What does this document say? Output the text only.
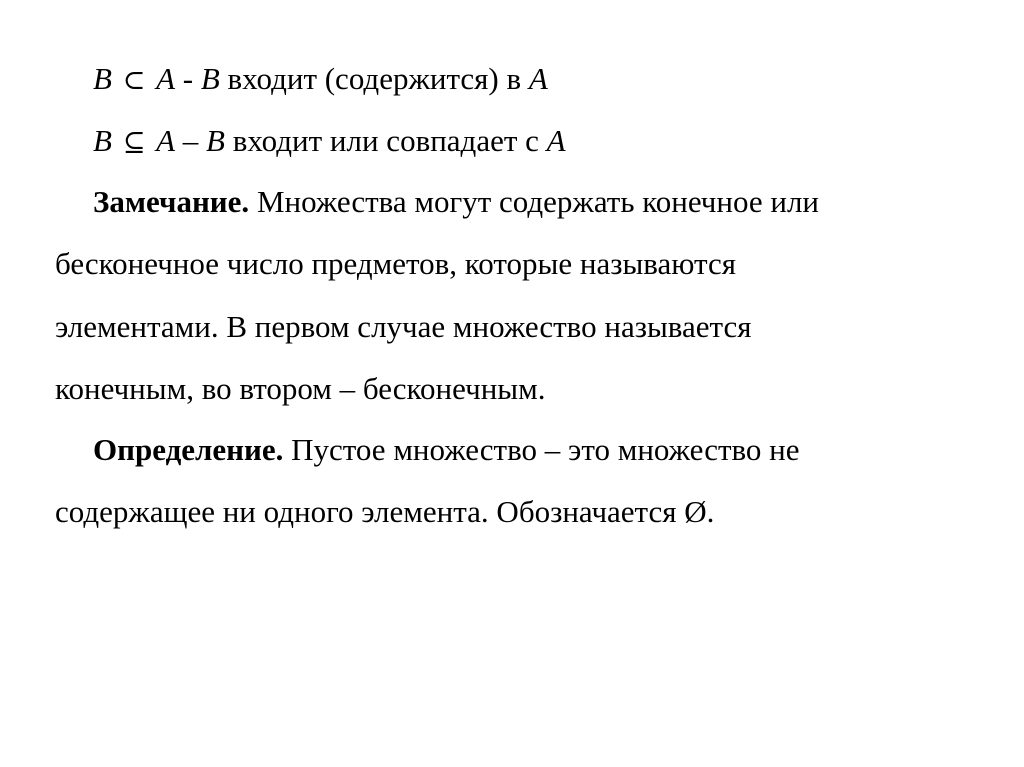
B ⊂ A - B входит (содержится) в A
B ⊆ A – B входит или совпадает с A
Замечание. Множества могут содержать конечное или
бесконечное число предметов, которые называются
элементами. В первом случае множество называется
конечным, во втором – бесконечным.
Определение. Пустое множество – это множество не
содержащее ни одного элемента. Обозначается Ø.
